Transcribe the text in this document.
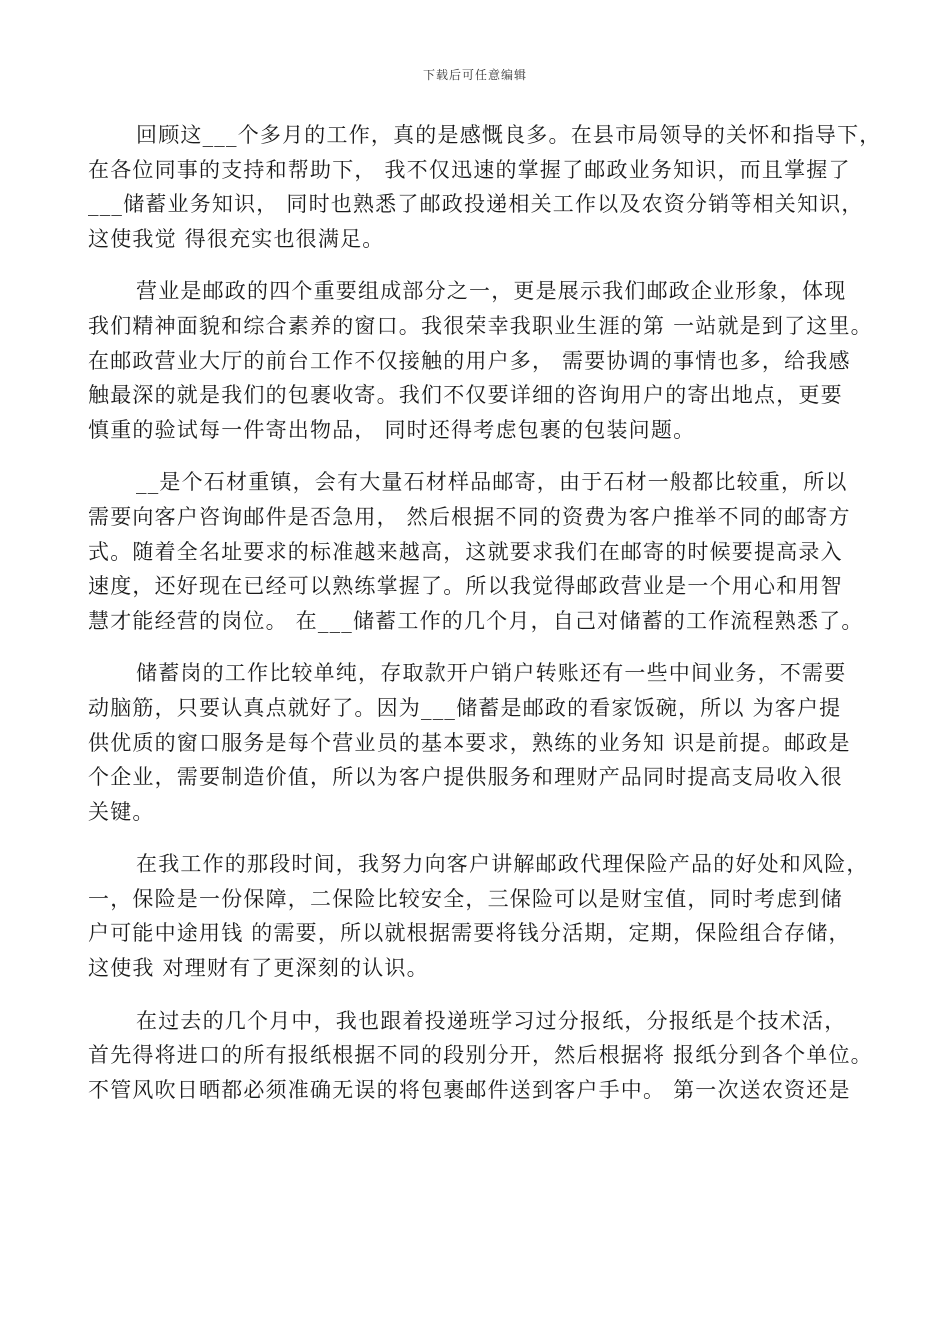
下载后可任意编辑
回顾这___个多月的工作，真的是感慨良多。在县市局领导的关怀和指导下，
在各位同事的支持和帮助下， 我不仅迅速的掌握了邮政业务知识，而且掌握了
___储蓄业务知识， 同时也熟悉了邮政投递相关工作以及农资分销等相关知识，
这使我觉 得很充实也很满足。
营业是邮政的四个重要组成部分之一，更是展示我们邮政企业形象，体现
我们精神面貌和综合素养的窗口。我很荣幸我职业生涯的第 一站就是到了这里。
在邮政营业大厅的前台工作不仅接触的用户多， 需要协调的事情也多，给我感
触最深的就是我们的包裹收寄。我们不仅要详细的咨询用户的寄出地点，更要
慎重的验试每一件寄出物品， 同时还得考虑包裹的包装问题。
__是个石材重镇，会有大量石材样品邮寄，由于石材一般都比较重，所以
需要向客户咨询邮件是否急用， 然后根据不同的资费为客户推举不同的邮寄方
式。随着全名址要求的标准越来越高，这就要求我们在邮寄的时候要提高录入
速度，还好现在已经可以熟练掌握了。所以我觉得邮政营业是一个用心和用智
慧才能经营的岗位。 在___储蓄工作的几个月，自己对储蓄的工作流程熟悉了。
储蓄岗的工作比较单纯，存取款开户销户转账还有一些中间业务，不需要
动脑筋，只要认真点就好了。因为___储蓄是邮政的看家饭碗，所以 为客户提
供优质的窗口服务是每个营业员的基本要求，熟练的业务知 识是前提。邮政是
个企业，需要制造价值，所以为客户提供服务和理财产品同时提高支局收入很
关键。
在我工作的那段时间，我努力向客户讲解邮政代理保险产品的好处和风险，
一，保险是一份保障，二保险比较安全，三保险可以是财宝值，同时考虑到储
户可能中途用钱 的需要，所以就根据需要将钱分活期，定期，保险组合存储，
这使我 对理财有了更深刻的认识。
在过去的几个月中，我也跟着投递班学习过分报纸，分报纸是个技术活，
首先得将进口的所有报纸根据不同的段别分开，然后根据将 报纸分到各个单位。
不管风吹日晒都必须准确无误的将包裹邮件送到客户手中。 第一次送农资还是
